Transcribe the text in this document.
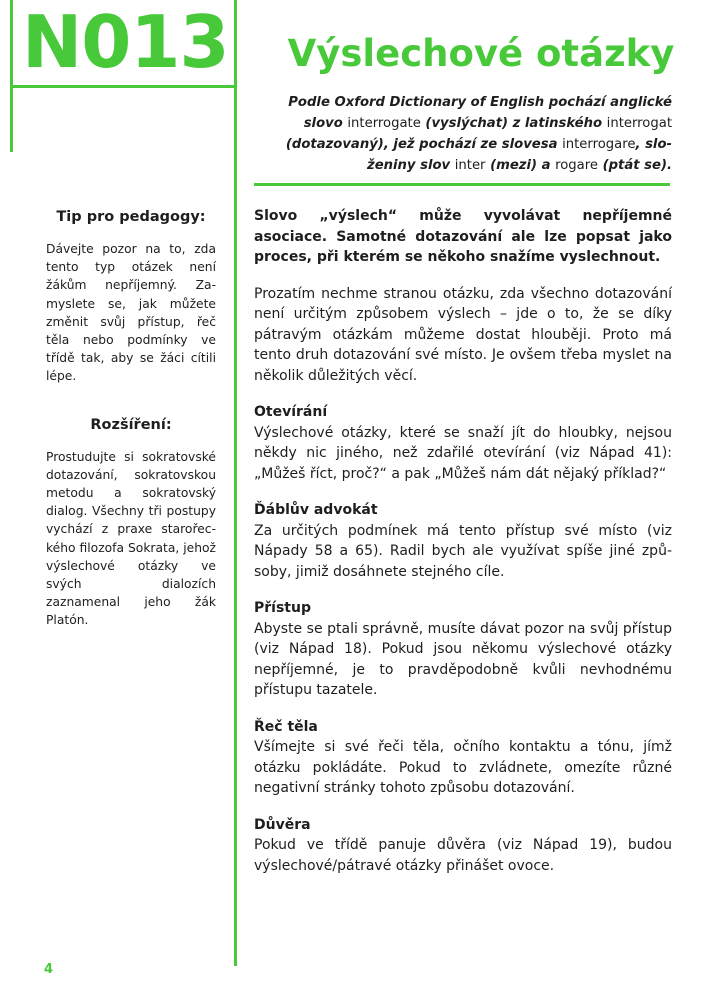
N013	Výslechové otázky

Podle Oxford Dictionary of English pochází anglické slovo interrogate (vyslýchat) z latinského interrogat (dotazovaný), jež pochází ze slovesa interrogare, složeniny slov inter (mezi) a rogare (ptát se).

Tip pro pedagogy:

Dávejte pozor na to, zda tento typ otázek není žákům nepříjemný. Zamyslete se, jak můžete změnit svůj přístup, řeč těla nebo podmínky ve třídě tak, aby se žáci cítili lépe.

Rozšíření:

Prostudujte si sokratovské dotazování, sokratovskou metodu a sokratovský dialog. Všechny tři postupy vychází z praxe starořeckého filozofa Sokrata, jehož výslechové otázky ve svých dialozích zaznamenal jeho žák Platón.

Slovo „výslech“ může vyvolávat nepříjemné asociace. Samotné dotazování ale lze popsat jako proces, při kterém se někoho snažíme vyslechnout.

Prozatím nechme stranou otázku, zda všechno dotazování není určitým způsobem výslech – jde o to, že se díky pátravým otázkám můžeme dostat hlouběji. Proto má tento druh dotazování své místo. Je ovšem třeba myslet na několik důležitých věcí.

Otevírání

Výslechové otázky, které se snaží jít do hloubky, nejsou někdy nic jiného, než zdařilé otevírání (viz Nápad 41): „Můžeš říct, proč?“ a pak „Můžeš nám dát nějaký příklad?“

Ďáblův advokát

Za určitých podmínek má tento přístup své místo (viz Nápady 58 a 65). Radil bych ale využívat spíše jiné způsoby, jimiž dosáhnete stejného cíle.

Přístup

Abyste se ptali správně, musíte dávat pozor na svůj přístup (viz Nápad 18). Pokud jsou někomu výslechové otázky nepříjemné, je to pravděpodobně kvůli nevhodnému přístupu tazatele.

Řeč těla

Všímejte si své řeči těla, očního kontaktu a tónu, jímž otázku pokládáte. Pokud to zvládnete, omezíte různé negativní stránky tohoto způsobu dotazování.

Důvěra

Pokud ve třídě panuje důvěra (viz Nápad 19), budou výslechové/pátravé otázky přinášet ovoce.

4
